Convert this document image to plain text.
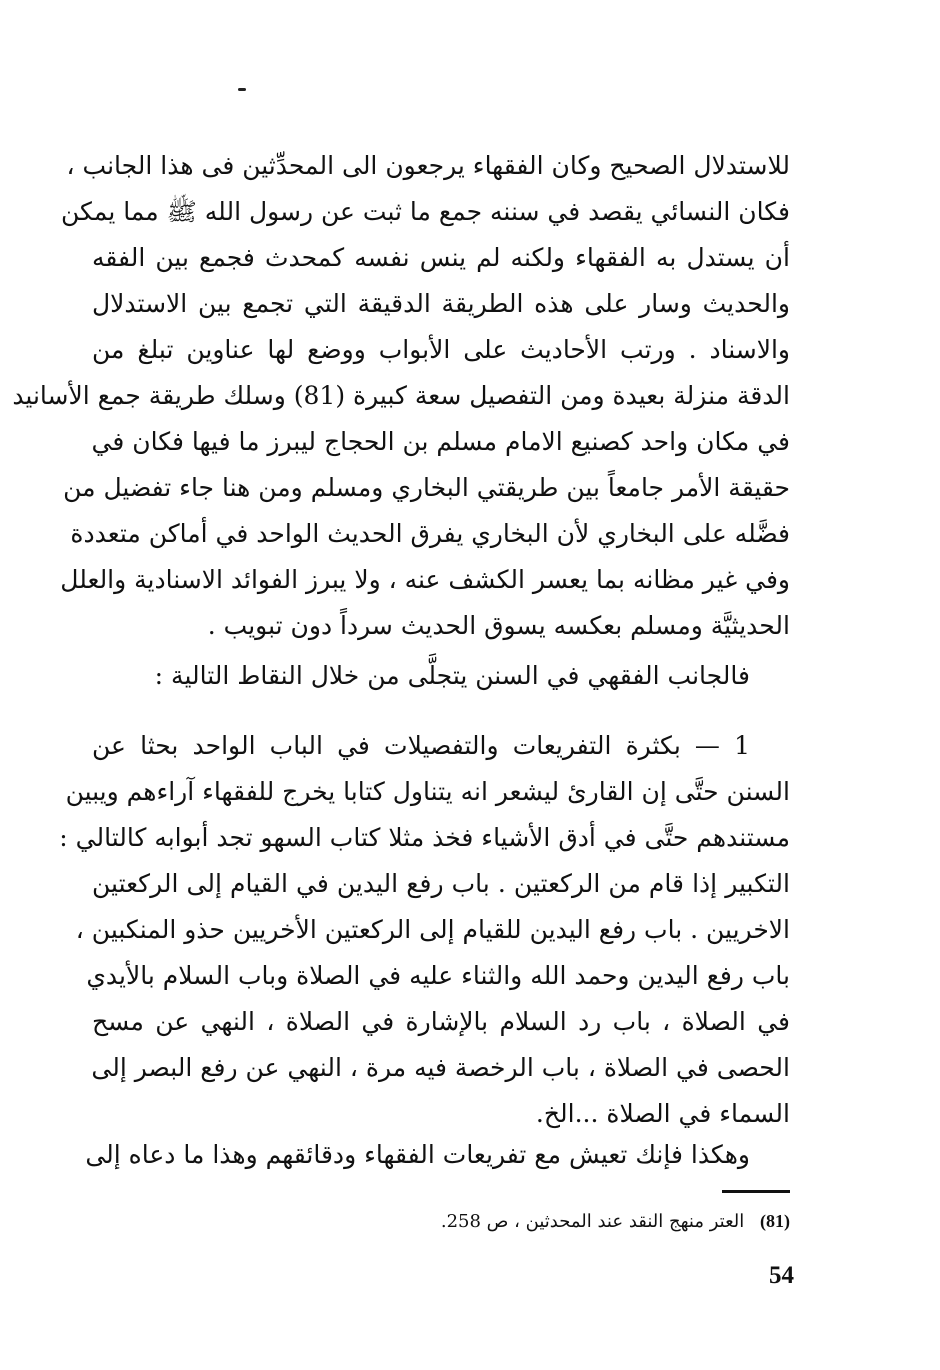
للاستدلال الصحيح وكان الفقهاء يرجعون الى المحدِّثين فى هذا الجانب ،
فكان النسائي يقصد في سننه جمع ما ثبت عن رسول الله ﷺ مما يمكن
أن يستدل به الفقهاء ولكنه لم ينس نفسه كمحدث فجمع بين الفقه
والحديث وسار على هذه الطريقة الدقيقة التي تجمع بين الاستدلال
والاسناد . ورتب الأحاديث على الأبواب ووضع لها عناوين تبلغ من
الدقة منزلة بعيدة ومن التفصيل سعة كبيرة (81) وسلك طريقة جمع الأسانيد
في مكان واحد كصنيع الامام مسلم بن الحجاج ليبرز ما فيها فكان في
حقيقة الأمر جامعاً بين طريقتي البخاري ومسلم ومن هنا جاء تفضيل من
فضَّله على البخاري لأن البخاري يفرق الحديث الواحد في أماكن متعددة
وفي غير مظانه بما يعسر الكشف عنه ، ولا يبرز الفوائد الاسنادية والعلل
الحديثيَّة ومسلم بعكسه يسوق الحديث سرداً دون تبويب .
فالجانب الفقهي في السنن يتجلَّى من خلال النقاط التالية :
1 — بكثرة التفريعات والتفصيلات في الباب الواحد بحثا عن
السنن حتَّى إن القارئ ليشعر انه يتناول كتابا يخرج للفقهاء آراءهم ويبين
مستندهم حتَّى في أدق الأشياء فخذ مثلا كتاب السهو تجد أبوابه كالتالي :
التكبير إذا قام من الركعتين . باب رفع اليدين في القيام إلى الركعتين
الاخريين . باب رفع اليدين للقيام إلى الركعتين الأخريين حذو المنكبين ،
باب رفع اليدين وحمد الله والثناء عليه في الصلاة وباب السلام بالأيدي
في الصلاة ، باب رد السلام بالإشارة في الصلاة ، النهي عن مسح
الحصى في الصلاة ، باب الرخصة فيه مرة ، النهي عن رفع البصر إلى
السماء في الصلاة ...الخ.
وهكذا فإنك تعيش مع تفريعات الفقهاء ودقائقهم وهذا ما دعاه إلى
(81) العتر منهج النقد عند المحدثين ، ص 258.
54
